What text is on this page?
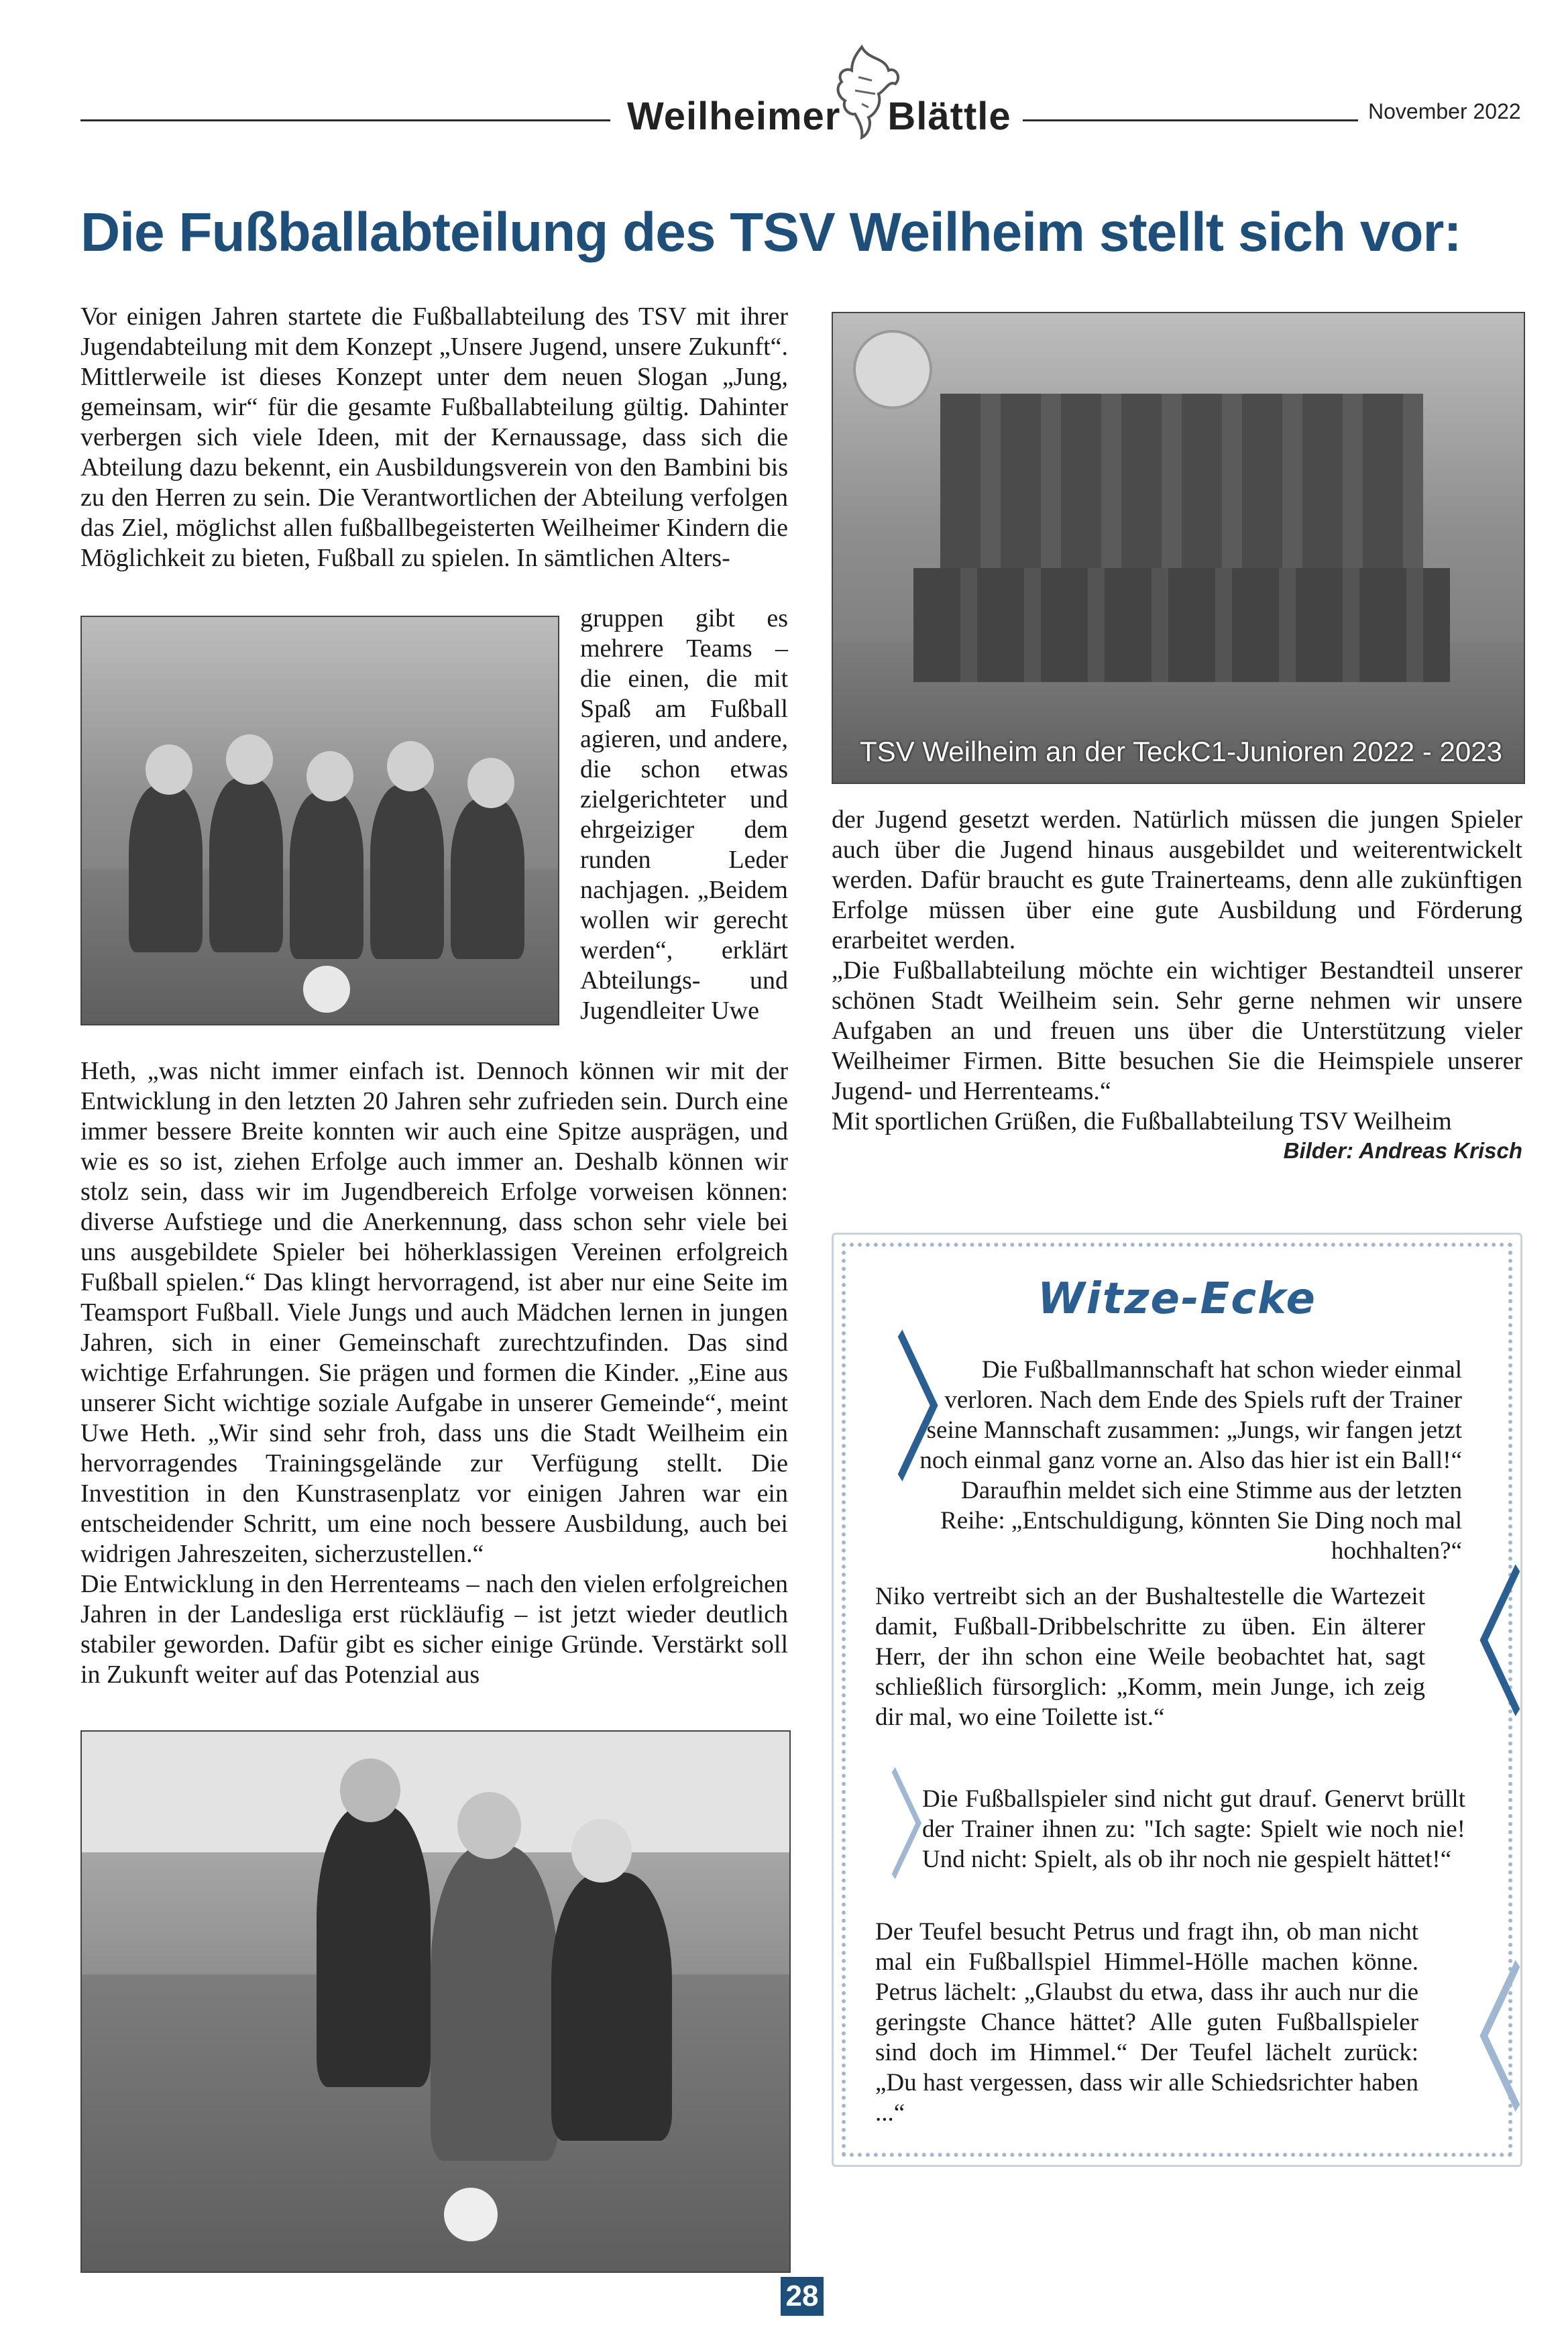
Weilheimer Blättle	November 2022
Die Fußballabteilung des TSV Weilheim stellt sich vor:

Vor einigen Jahren startete die Fußballabteilung des TSV mit ihrer Jugendabteilung mit dem Konzept „Unsere Jugend, unsere Zukunft“. Mittlerweile ist dieses Konzept unter dem neuen Slogan „Jung, gemeinsam, wir“ für die gesamte Fußballabteilung gültig. Dahinter verbergen sich viele Ideen, mit der Kernaussage, dass sich die Abteilung dazu bekennt, ein Ausbildungsverein von den Bambini bis zu den Herren zu sein. Die Verantwortlichen der Abteilung verfolgen das Ziel, möglichst allen fußballbegeisterten Weilheimer Kindern die Möglichkeit zu bieten, Fußball zu spielen. In sämtlichen Alters-

gruppen gibt es mehrere Teams – die einen, die mit Spaß am Fußball agieren, und andere, die schon etwas zielgerichteter und ehrgeiziger dem runden Leder nachjagen. „Beidem wollen wir gerecht werden“, erklärt Abteilungs- und Jugendleiter Uwe

Heth, „was nicht immer einfach ist. Dennoch können wir mit der Entwicklung in den letzten 20 Jahren sehr zufrieden sein. Durch eine immer bessere Breite konnten wir auch eine Spitze ausprägen, und wie es so ist, ziehen Erfolge auch immer an. Deshalb können wir stolz sein, dass wir im Jugendbereich Erfolge vorweisen können: diverse Aufstiege und die Anerkennung, dass schon sehr viele bei uns ausgebildete Spieler bei höherklassigen Vereinen erfolgreich Fußball spielen.“ Das klingt hervorragend, ist aber nur eine Seite im Teamsport Fußball. Viele Jungs und auch Mädchen lernen in jungen Jahren, sich in einer Gemeinschaft zurechtzufinden. Das sind wichtige Erfahrungen. Sie prägen und formen die Kinder. „Eine aus unserer Sicht wichtige soziale Aufgabe in unserer Gemeinde“, meint Uwe Heth. „Wir sind sehr froh, dass uns die Stadt Weilheim ein hervorragendes Trainingsgelände zur Verfügung stellt. Die Investition in den Kunstrasenplatz vor einigen Jahren war ein entscheidender Schritt, um eine noch bessere Ausbildung, auch bei widrigen Jahreszeiten, sicherzustellen.“

Die Entwicklung in den Herrenteams – nach den vielen erfolgreichen Jahren in der Landesliga erst rückläufig – ist jetzt wieder deutlich stabiler geworden. Dafür gibt es sicher einige Gründe. Verstärkt soll in Zukunft weiter auf das Potenzial aus

TSV Weilheim an der Teck C1-Junioren 2022 - 2023

der Jugend gesetzt werden. Natürlich müssen die jungen Spieler auch über die Jugend hinaus ausgebildet und weiterentwickelt werden. Dafür braucht es gute Trainerteams, denn alle zukünftigen Erfolge müssen über eine gute Ausbildung und Förderung erarbeitet werden.

„Die Fußballabteilung möchte ein wichtiger Bestandteil unserer schönen Stadt Weilheim sein. Sehr gerne nehmen wir unsere Aufgaben an und freuen uns über die Unterstützung vieler Weilheimer Firmen. Bitte besuchen Sie die Heimspiele unserer Jugend- und Herrenteams.“

Mit sportlichen Grüßen, die Fußballabteilung TSV Weilheim

Bilder: Andreas Krisch
Witze-Ecke
〉 Die Fußballmannschaft hat schon wieder einmal verloren. Nach dem Ende des Spiels ruft der Trainer seine Mannschaft zusammen: „Jungs, wir fangen jetzt noch einmal ganz vorne an. Also das hier ist ein Ball!“ Daraufhin meldet sich eine Stimme aus der letzten Reihe: „Entschuldigung, könnten Sie Ding noch mal hochhalten?“

〈

Niko vertreibt sich an der Bushaltestelle die Wartezeit damit, Fußball-Dribbelschritte zu üben. Ein älterer Herr, der ihn schon eine Weile beobachtet hat, sagt schließlich fürsorglich: „Komm, mein Junge, ich zeig dir mal, wo eine Toilette ist.“

〉

Die Fußballspieler sind nicht gut drauf. Genervt brüllt der Trainer ihnen zu: "Ich sagte: Spielt wie noch nie! Und nicht: Spielt, als ob ihr noch nie gespielt hättet!“

〈

Der Teufel besucht Petrus und fragt ihn, ob man nicht mal ein Fußballspiel Himmel-Hölle machen könne. Petrus lächelt: „Glaubst du etwa, dass ihr auch nur die geringste Chance hättet? Alle guten Fußballspieler sind doch im Himmel.“ Der Teufel lächelt zurück: „Du hast vergessen, dass wir alle Schiedsrichter haben ...“

28
